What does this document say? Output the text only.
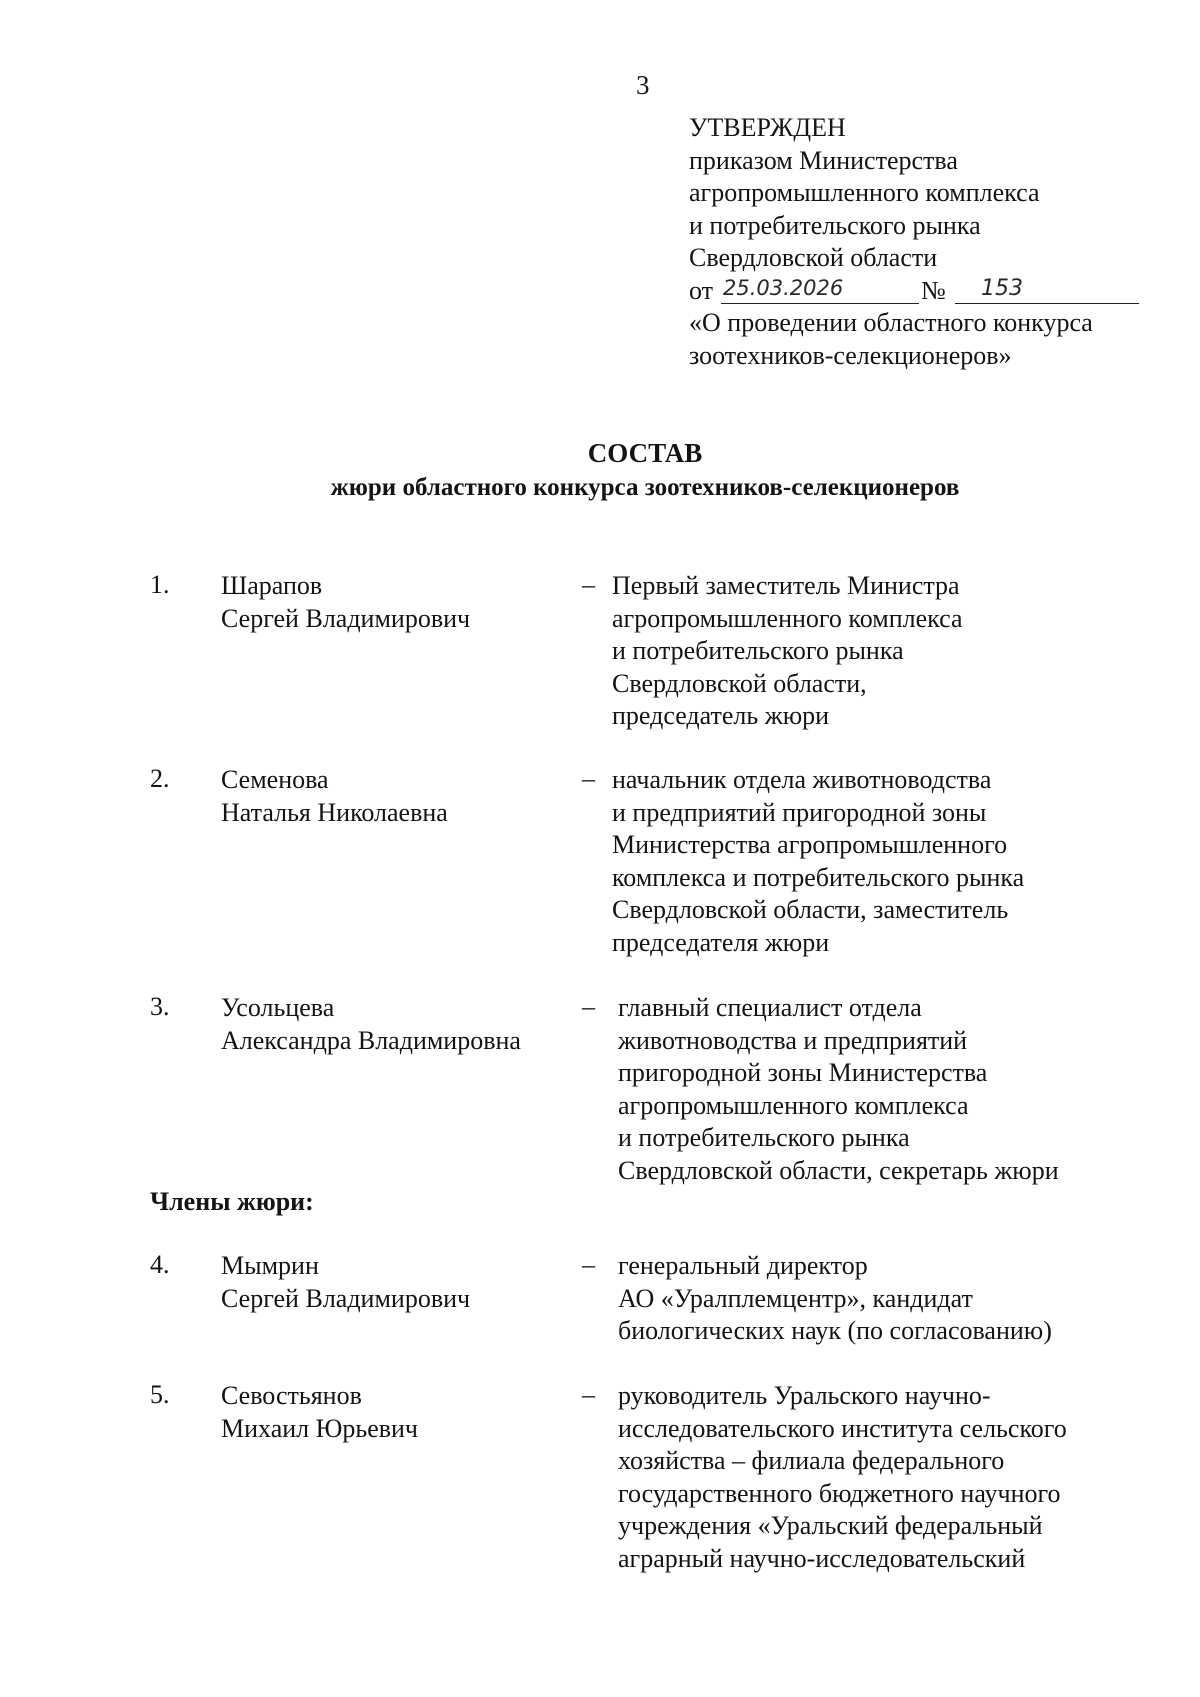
3
УТВЕРЖДЕН
приказом Министерства
агропромышленного комплекса
и потребительского рынка
Свердловской области
от 25.03.2026	№	153
«О проведении областного конкурса
зоотехников-селекционеров»
СОСТАВ
жюри областного конкурса зоотехников-селекционеров
1. Шарапов
Сергей Владимирович
– Первый заместитель Министра
агропромышленного комплекса
и потребительского рынка
Свердловской области,
председатель жюри
2. Семенова
Наталья Николаевна
– начальник отдела животноводства
и предприятий пригородной зоны
Министерства агропромышленного
комплекса и потребительского рынка
Свердловской области, заместитель
председателя жюри
3. Усольцева
Александра Владимировна
– главный специалист отдела
животноводства и предприятий
пригородной зоны Министерства
агропромышленного комплекса
и потребительского рынка
Свердловской области, секретарь жюри
Члены жюри:
4. Мымрин
Сергей Владимирович
– генеральный директор
АО «Уралплемцентр», кандидат
биологических наук (по согласованию)
5. Севостьянов
Михаил Юрьевич
– руководитель Уральского научно-
исследовательского института сельского
хозяйства – филиала федерального
государственного бюджетного научного
учреждения «Уральский федеральный
аграрный научно-исследовательский
